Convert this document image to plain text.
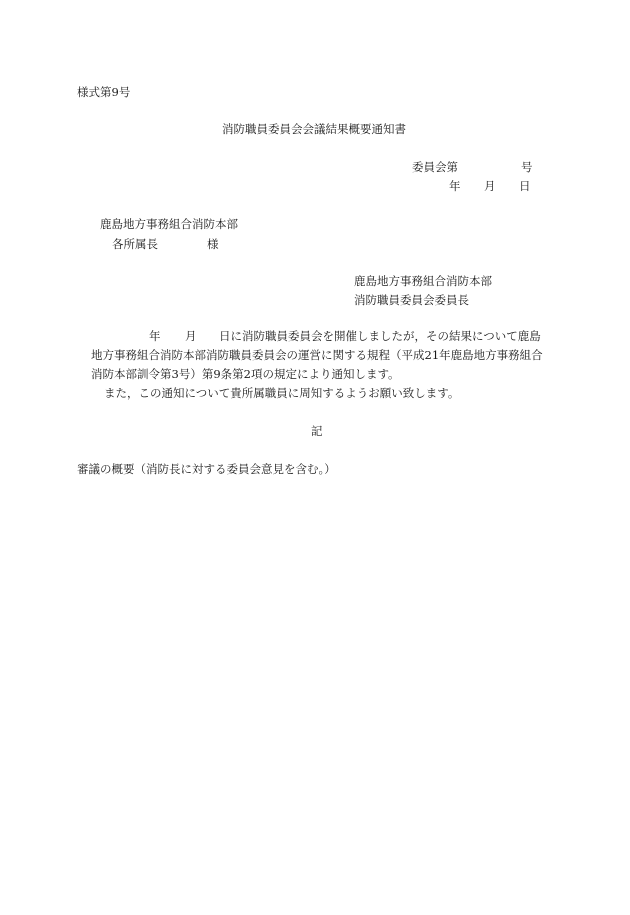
様式第9号
消防職員委員会会議結果概要通知書
委員会第	号
年 月 日
鹿島地方事務組合消防本部
各所属長	様
鹿島地方事務組合消防本部
消防職員委員会委員長
年 月 日に消防職員委員会を開催しましたが，その結果について鹿島
地方事務組合消防本部消防職員委員会の運営に関する規程（平成21年鹿島地方事務組合
消防本部訓令第3号）第9条第2項の規定により通知します。
また，この通知について貴所属職員に周知するようお願い致します。
記
審議の概要（消防長に対する委員会意見を含む。）
